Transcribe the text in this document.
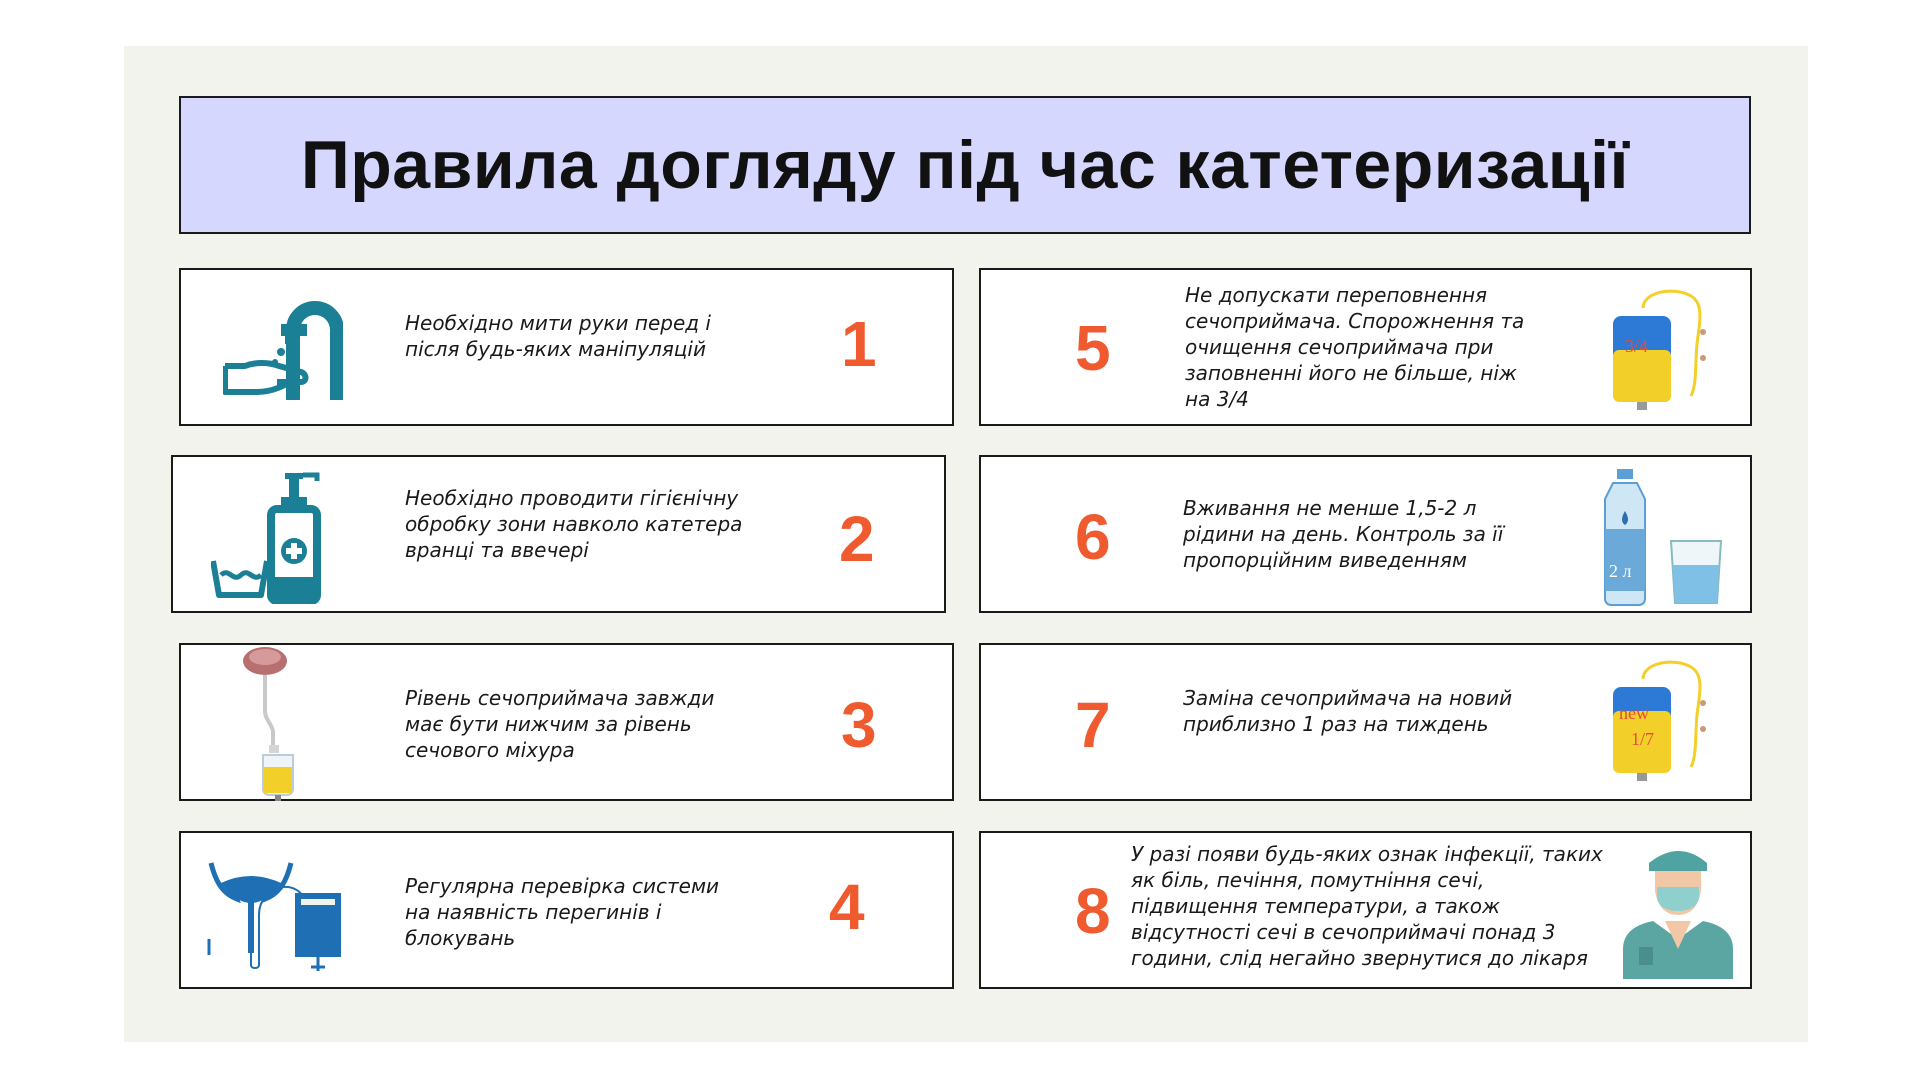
Правила догляду під час катетеризації
Необхідно мити руки перед і після будь-яких маніпуляцій	1
Необхідно проводити гігієнічну обробку зони навколо катетера вранці та ввечері	2
Рівень сечоприймача завжди має бути нижчим за рівень сечового міхура	3
Регулярна перевірка системи на наявність перегинів і блокувань	4
5
Не допускати переповнення сечоприймача. Спорожнення та очищення сечоприймача при заповненні його не більше, ніж на 3/4
3/4
6	Вживання не менше 1,5-2 л рідини на день. Контроль за її пропорційним виведенням	2 л
7	Заміна сечоприймача на новий приблизно 1 раз на тиждень	new
1/7
8
У разі появи будь-яких ознак інфекції, таких як біль, печіння, помутніння сечі, підвищення температури, а також відсутності сечі в сечоприймачі понад 3 години, слід негайно звернутися до лікаря
